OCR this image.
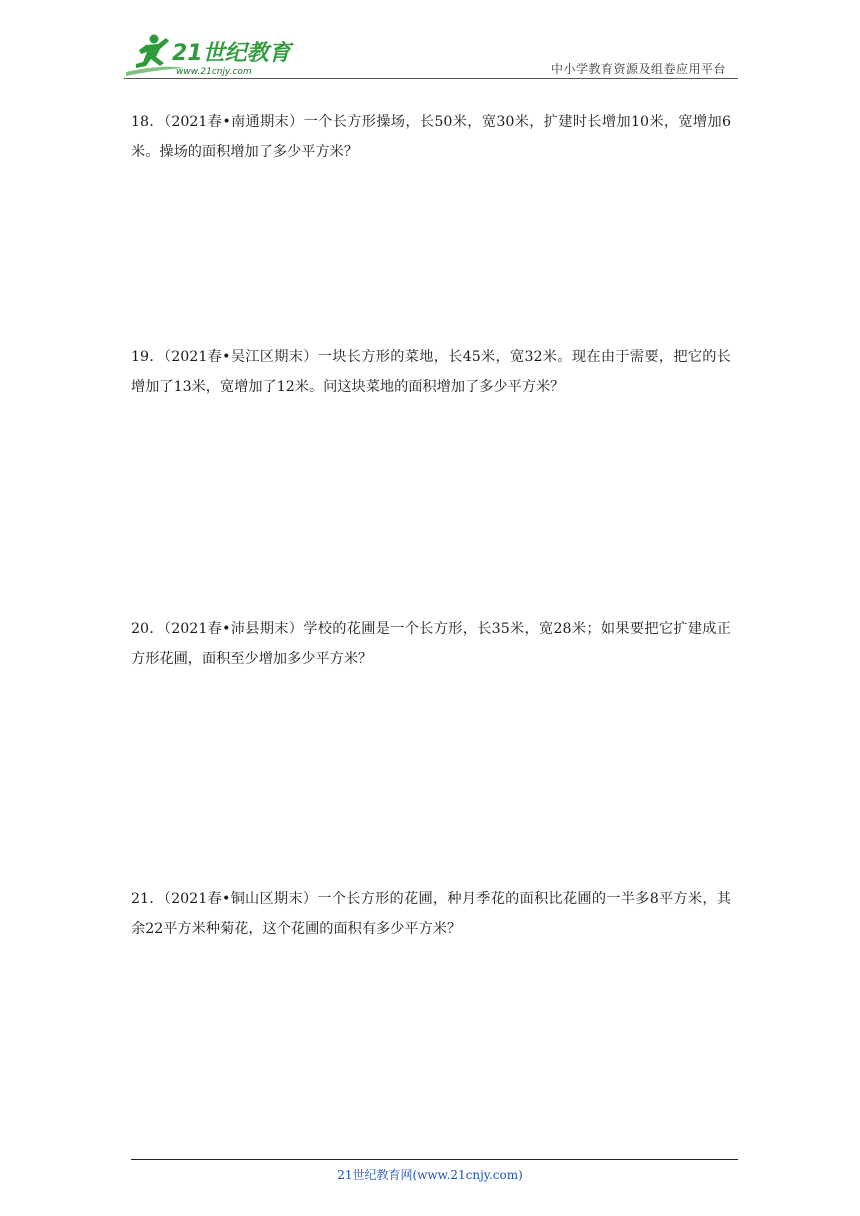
21世纪教育
www.21cnjy.com	中小学教育资源及组卷应用平台
18．（2021春•南通期末）一个长方形操场，长50米，宽30米，扩建时长增加10米，宽增加6米。操场的面积增加了多少平方米？
19．（2021春•吴江区期末）一块长方形的菜地，长45米，宽32米。现在由于需要，把它的长增加了13米，宽增加了12米。问这块菜地的面积增加了多少平方米？
20．（2021春•沛县期末）学校的花圃是一个长方形，长35米，宽28米；如果要把它扩建成正方形花圃，面积至少增加多少平方米？
21．（2021春•铜山区期末）一个长方形的花圃，种月季花的面积比花圃的一半多8平方米，其余22平方米种菊花，这个花圃的面积有多少平方米？
21世纪教育网(www.21cnjy.com)
